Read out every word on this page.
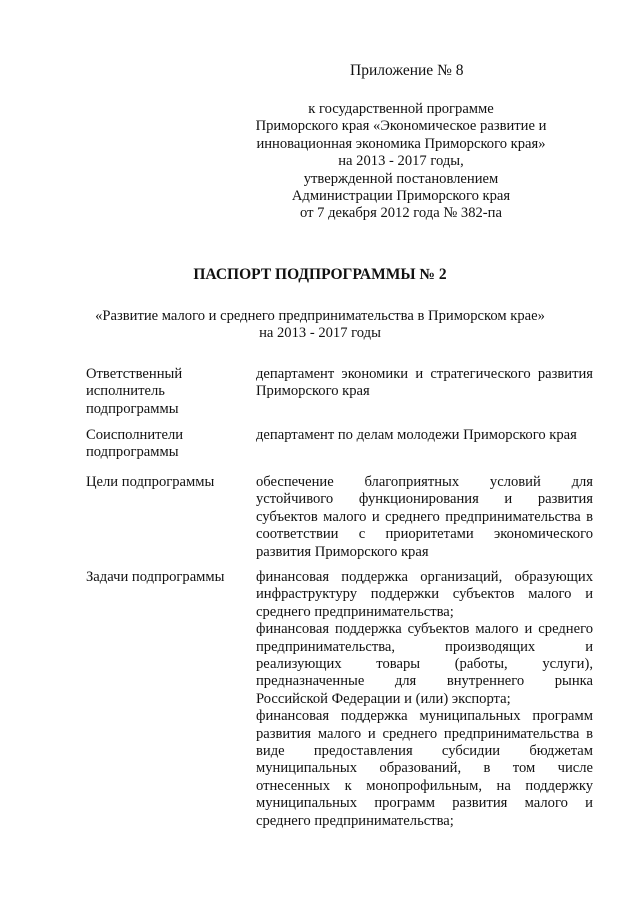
Приложение № 8
к государственной программе
Приморского края «Экономическое развитие и
инновационная экономика Приморского края»
на 2013 - 2017 годы,
утвержденной постановлением
Администрации Приморского края
от 7 декабря 2012 года № 382-па
ПАСПОРТ ПОДПРОГРАММЫ № 2
«Развитие малого и среднего предпринимательства в Приморском крае»
на 2013 - 2017 годы
Ответственный
исполнитель
подпрограммы
департамент экономики и стратегического развития
Приморского края
Соисполнители
подпрограммы
департамент по делам молодежи Приморского края
Цели подпрограммы	обеспечение благоприятных условий для
устойчивого функционирования и развития
субъектов малого и среднего предпринимательства в
соответствии с приоритетами экономического
развития Приморского края
Задачи подпрограммы	финансовая поддержка организаций, образующих
инфраструктуру поддержки субъектов малого и
среднего предпринимательства;
финансовая поддержка субъектов малого и среднего
предпринимательства, производящих и
реализующих товары (работы, услуги),
предназначенные для внутреннего рынка
Российской Федерации и (или) экспорта;
финансовая поддержка муниципальных программ
развития малого и среднего предпринимательства в
виде предоставления субсидии бюджетам
муниципальных образований, в том числе
отнесенных к монопрофильным, на поддержку
муниципальных программ развития малого и
среднего предпринимательства;
